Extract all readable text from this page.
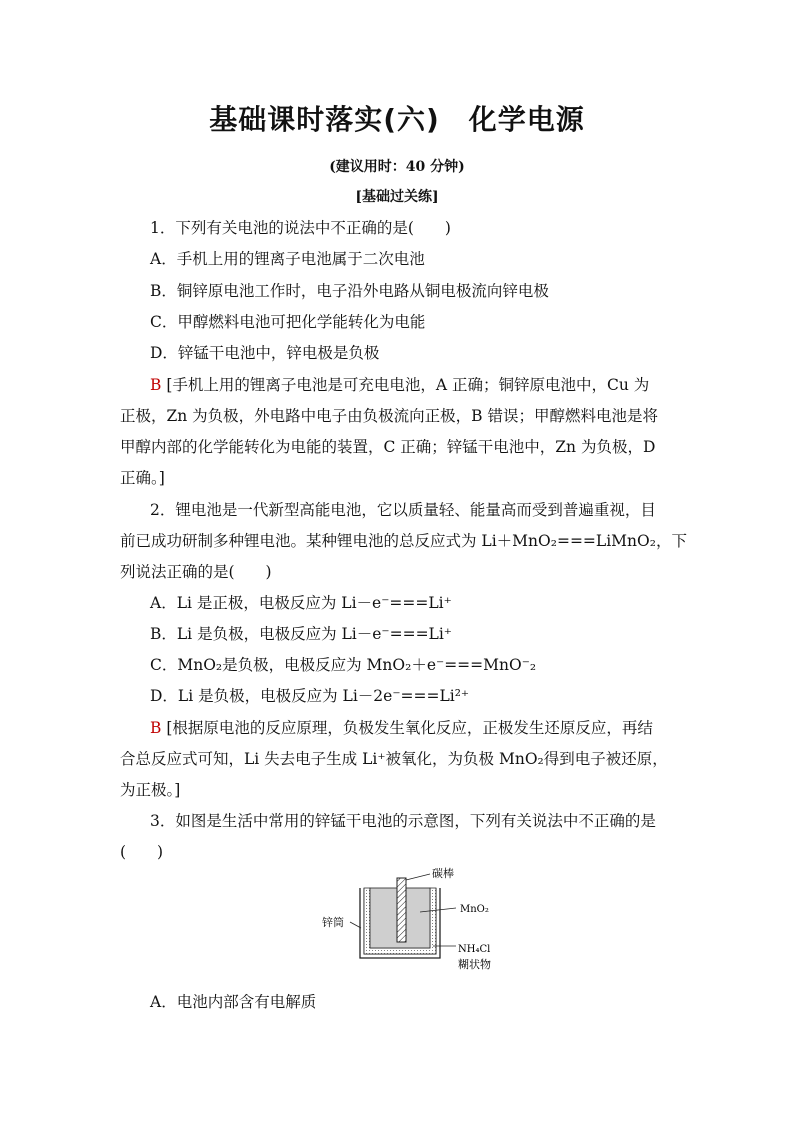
基础课时落实(六)　化学电源
(建议用时：40 分钟)
[基础过关练]
1．下列有关电池的说法中不正确的是(　　)
A．手机上用的锂离子电池属于二次电池
B．铜锌原电池工作时，电子沿外电路从铜电极流向锌电极
C．甲醇燃料电池可把化学能转化为电能
D．锌锰干电池中，锌电极是负极
B [手机上用的锂离子电池是可充电电池，A 正确；铜锌原电池中，Cu 为
正极，Zn 为负极，外电路中电子由负极流向正极，B 错误；甲醇燃料电池是将
甲醇内部的化学能转化为电能的装置，C 正确；锌锰干电池中，Zn 为负极，D
正确。]
2．锂电池是一代新型高能电池，它以质量轻、能量高而受到普遍重视，目
前已成功研制多种锂电池。某种锂电池的总反应式为 Li＋MnO₂===LiMnO₂，下
列说法正确的是(　　)
A．Li 是正极，电极反应为 Li－e⁻===Li⁺
B．Li 是负极，电极反应为 Li－e⁻===Li⁺
C．MnO₂是负极，电极反应为 MnO₂＋e⁻===MnO⁻₂
D．Li 是负极，电极反应为 Li－2e⁻===Li²⁺
B [根据原电池的反应原理，负极发生氧化反应，正极发生还原反应，再结
合总反应式可知，Li 失去电子生成 Li⁺被氧化，为负极 MnO₂得到电子被还原，
为正极。]
3．如图是生活中常用的锌锰干电池的示意图，下列有关说法中不正确的是
(　　)
碳棒
MnO₂
锌筒
NH₄Cl
糊状物
A．电池内部含有电解质
